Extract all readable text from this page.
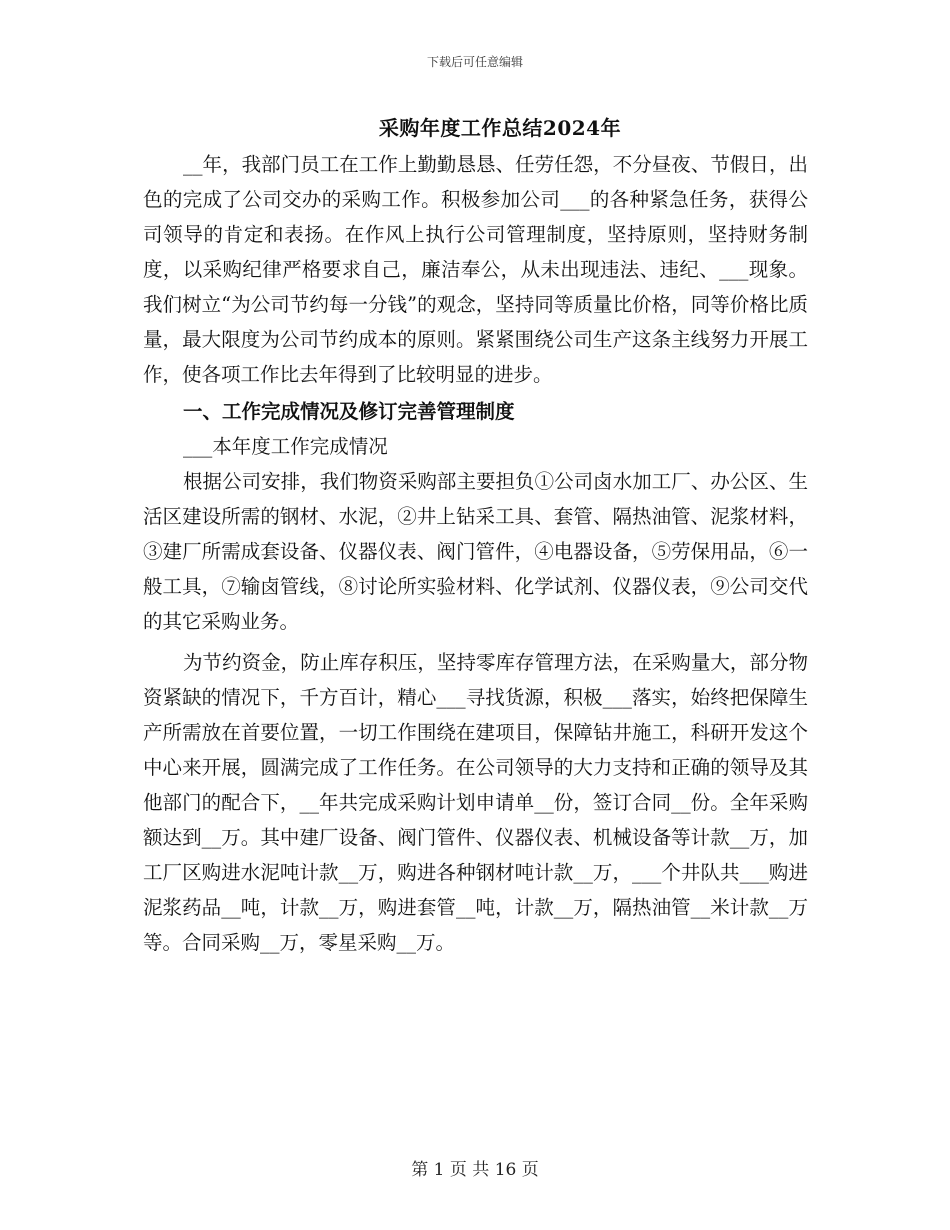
下载后可任意编辑
采购年度工作总结2024年

__年，我部门员工在工作上勤勤恳恳、任劳任怨，不分昼夜、节假日，出色的完成了公司交办的采购工作。积极参加公司___的各种紧急任务，获得公司领导的肯定和表扬。在作风上执行公司管理制度，坚持原则，坚持财务制度，以采购纪律严格要求自己，廉洁奉公，从未出现违法、违纪、___现象。我们树立“为公司节约每一分钱”的观念，坚持同等质量比价格，同等价格比质量，最大限度为公司节约成本的原则。紧紧围绕公司生产这条主线努力开展工作，使各项工作比去年得到了比较明显的进步。

一、工作完成情况及修订完善管理制度

___本年度工作完成情况

根据公司安排，我们物资采购部主要担负①公司卤水加工厂、办公区、生活区建设所需的钢材、水泥，②井上钻采工具、套管、隔热油管、泥浆材料，③建厂所需成套设备、仪器仪表、阀门管件，④电器设备，⑤劳保用品，⑥一般工具，⑦输卤管线，⑧讨论所实验材料、化学试剂、仪器仪表，⑨公司交代的其它采购业务。

为节约资金，防止库存积压，坚持零库存管理方法，在采购量大，部分物资紧缺的情况下，千方百计，精心___寻找货源，积极___落实，始终把保障生产所需放在首要位置，一切工作围绕在建项目，保障钻井施工，科研开发这个中心来开展，圆满完成了工作任务。在公司领导的大力支持和正确的领导及其他部门的配合下，__年共完成采购计划申请单__份，签订合同__份。全年采购额达到__万。其中建厂设备、阀门管件、仪器仪表、机械设备等计款__万，加工厂区购进水泥吨计款__万，购进各种钢材吨计款__万，___个井队共___购进泥浆药品__吨，计款__万，购进套管__吨，计款__万，隔热油管__米计款__万等。合同采购__万，零星采购__万。

第 1 页 共 16 页
